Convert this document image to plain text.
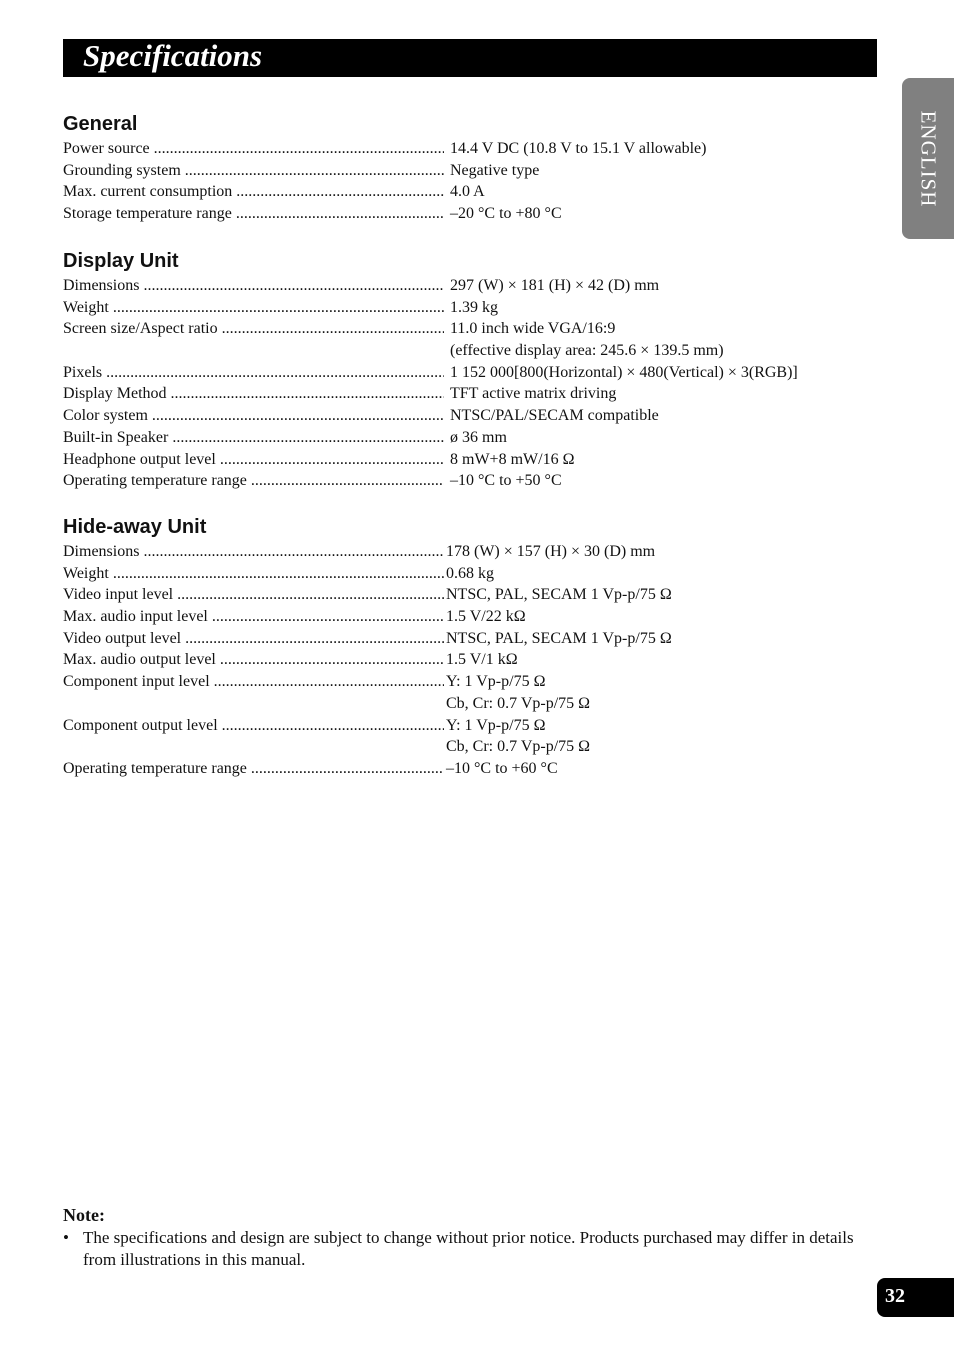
Specifications
ENGLISH
General
Power source .....	14.4 V DC (10.8 V to 15.1 V allowable)
Grounding system .....	Negative type
Max. current consumption .....	4.0 A
Storage temperature range .....	–20 °C to +80 °C
Display Unit
Dimensions .....	297 (W) × 181 (H) × 42 (D) mm
Weight .....	1.39 kg
Screen size/Aspect ratio .....	11.0 inch wide VGA/16:9
(effective display area: 245.6 × 139.5 mm)
Pixels .....	1 152 000[800(Horizontal) × 480(Vertical) × 3(RGB)]
Display Method .....	TFT active matrix driving
Color system .....	NTSC/PAL/SECAM compatible
Built-in Speaker .....	ø 36 mm
Headphone output level .....	8 mW+8 mW/16 Ω
Operating temperature range .....	–10 °C to +50 °C
Hide-away Unit
Dimensions .....	178 (W) × 157 (H) × 30 (D) mm
Weight .....	0.68 kg
Video input level .....	NTSC, PAL, SECAM 1 Vp-p/75 Ω
Max. audio input level .....	1.5 V/22 kΩ
Video output level .....	NTSC, PAL, SECAM 1 Vp-p/75 Ω
Max. audio output level .....	1.5 V/1 kΩ
Component input level .....	Y: 1 Vp-p/75 Ω
Cb, Cr: 0.7 Vp-p/75 Ω
Component output level .....	Y: 1 Vp-p/75 Ω
Cb, Cr: 0.7 Vp-p/75 Ω
Operating temperature range .....	–10 °C to +60 °C
Note:
• The specifications and design are subject to change without prior notice. Products purchased may differ in details from illustrations in this manual.
32
